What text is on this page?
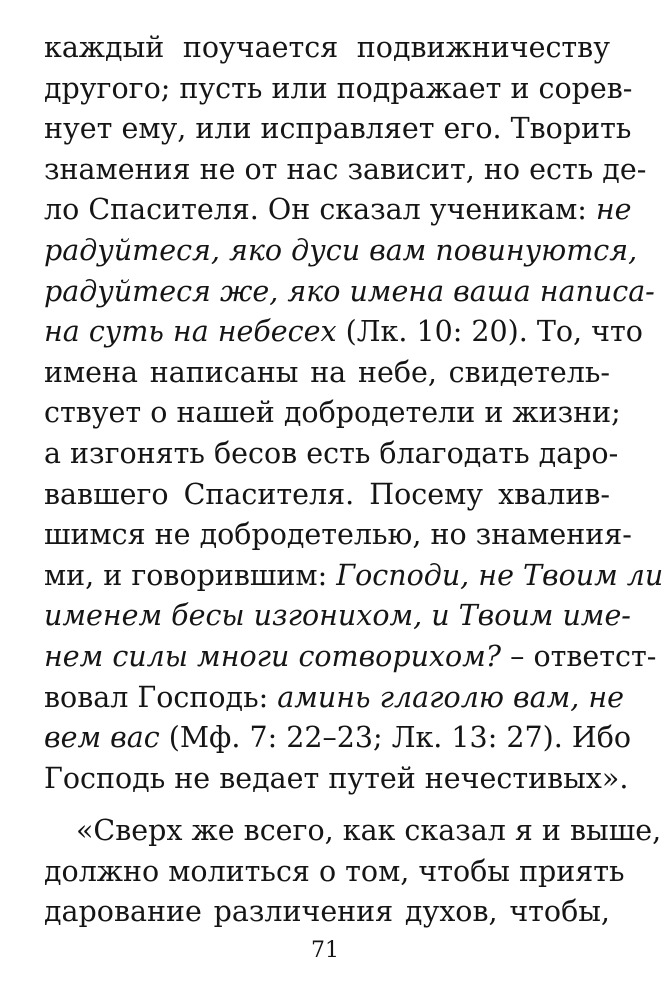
каждый поучается подвижничеству
другого; пусть или подражает и сорев-
нует ему, или исправляет его. Творить
знамения не от нас зависит, но есть де-
ло Спасителя. Он сказал ученикам: не
радуйтеся, яко дуси вам повинуются,
радуйтеся же, яко имена ваша написа-
на суть на небесех (Лк. 10: 20). То, что
имена написаны на небе, свидетель-
ствует о нашей добродетели и жизни;
а изгонять бесов есть благодать даро-
вавшего Спасителя. Посему хвалив-
шимся не добродетелью, но знамения-
ми, и говорившим: Господи, не Твоим ли
именем бесы изгонихом, и Твоим име-
нем силы многи сотворихом? – ответст-
вовал Господь: аминь глаголю вам, не
вем вас (Мф. 7: 22–23; Лк. 13: 27). Ибо
Господь не ведает путей нечестивых».
«Сверх же всего, как сказал я и выше,
должно молиться о том, чтобы приять
дарование различения духов, чтобы,
71
